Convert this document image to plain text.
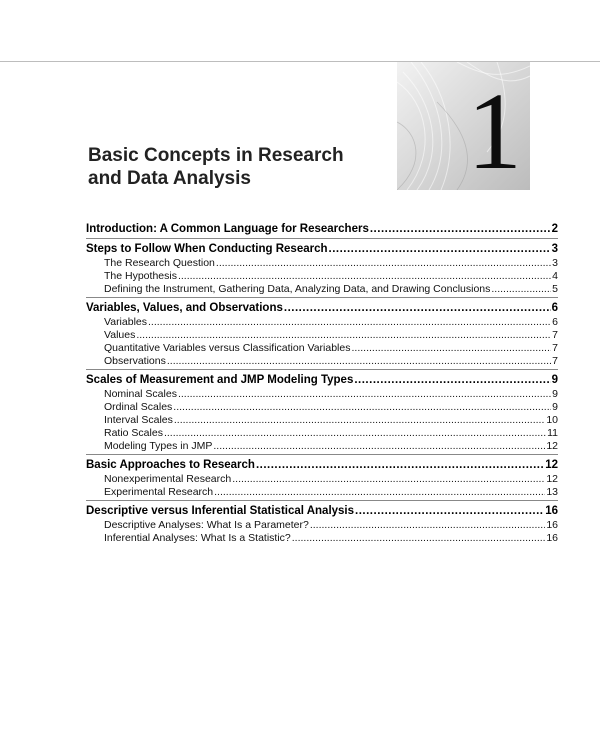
1
Basic Concepts in Research
and Data Analysis
Introduction: A Common Language for Researchers .....	2
Steps to Follow When Conducting Research .....	3
The Research Question .....	3
The Hypothesis .....	4
Defining the Instrument, Gathering Data, Analyzing Data, and Drawing Conclusions .....	5
Variables, Values, and Observations .....	6
Variables .....	6
Values .....	7
Quantitative Variables versus Classification Variables .....	7
Observations .....	7
Scales of Measurement and JMP Modeling Types .....	9
Nominal Scales .....	9
Ordinal Scales .....	9
Interval Scales .....	10
Ratio Scales .....	11
Modeling Types in JMP .....	12
Basic Approaches to Research .....	12
Nonexperimental Research .....	12
Experimental Research .....	13
Descriptive versus Inferential Statistical Analysis .....	16
Descriptive Analyses: What Is a Parameter? .....	16
Inferential Analyses: What Is a Statistic? .....	16
